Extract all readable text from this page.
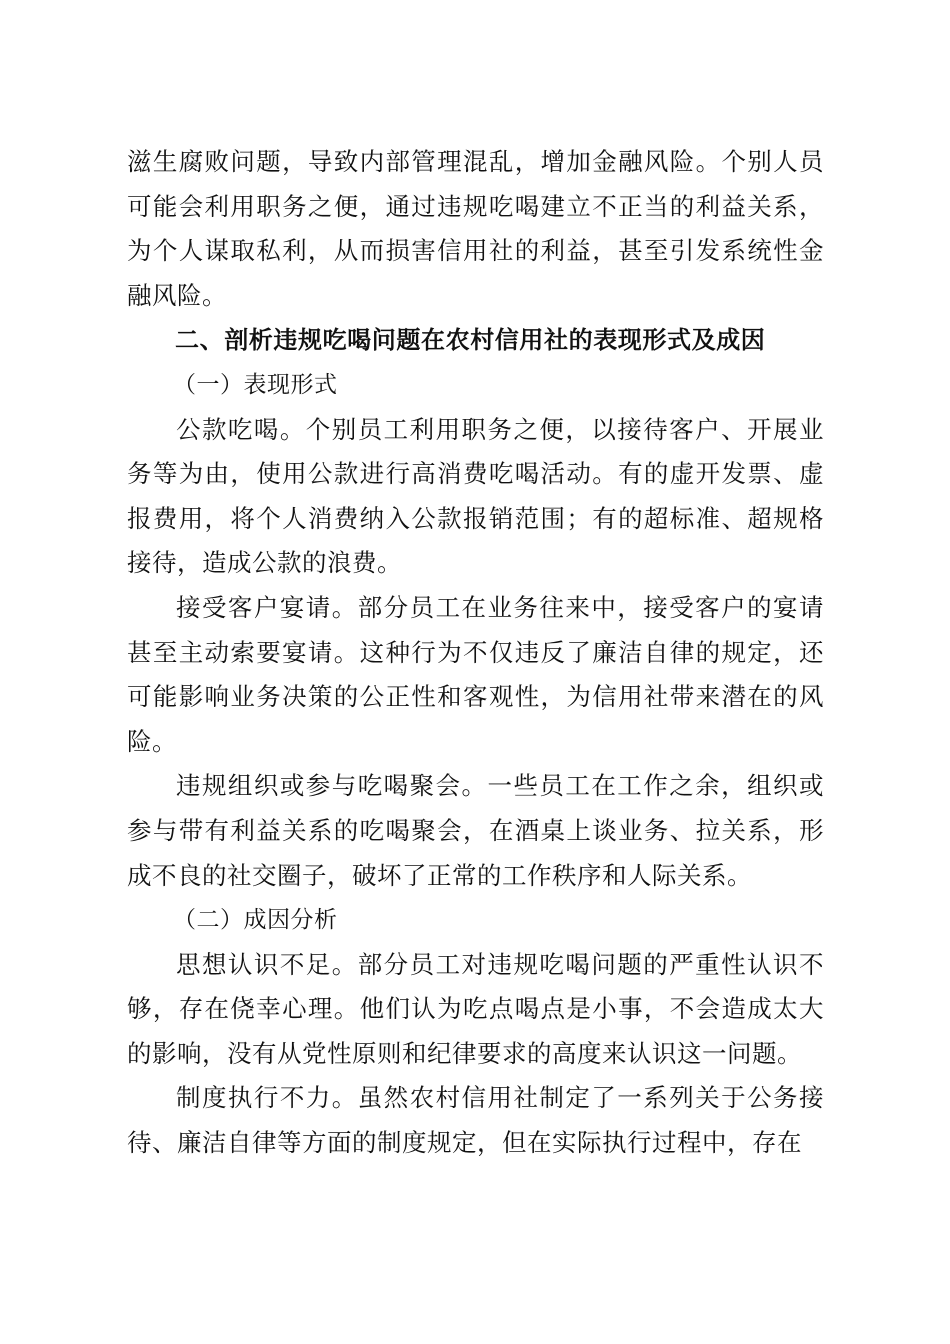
滋生腐败问题，导致内部管理混乱，增加金融风险。个别人员可能会利用职务之便，通过违规吃喝建立不正当的利益关系，为个人谋取私利，从而损害信用社的利益，甚至引发系统性金融风险。

二、剖析违规吃喝问题在农村信用社的表现形式及成因

（一）表现形式

公款吃喝。个别员工利用职务之便，以接待客户、开展业务等为由，使用公款进行高消费吃喝活动。有的虚开发票、虚报费用，将个人消费纳入公款报销范围；有的超标准、超规格接待，造成公款的浪费。

接受客户宴请。部分员工在业务往来中，接受客户的宴请甚至主动索要宴请。这种行为不仅违反了廉洁自律的规定，还可能影响业务决策的公正性和客观性，为信用社带来潜在的风险。

违规组织或参与吃喝聚会。一些员工在工作之余，组织或参与带有利益关系的吃喝聚会，在酒桌上谈业务、拉关系，形成不良的社交圈子，破坏了正常的工作秩序和人际关系。

（二）成因分析

思想认识不足。部分员工对违规吃喝问题的严重性认识不够，存在侥幸心理。他们认为吃点喝点是小事，不会造成太大的影响，没有从党性原则和纪律要求的高度来认识这一问题。

制度执行不力。虽然农村信用社制定了一系列关于公务接待、廉洁自律等方面的制度规定，但在实际执行过程中，存在
